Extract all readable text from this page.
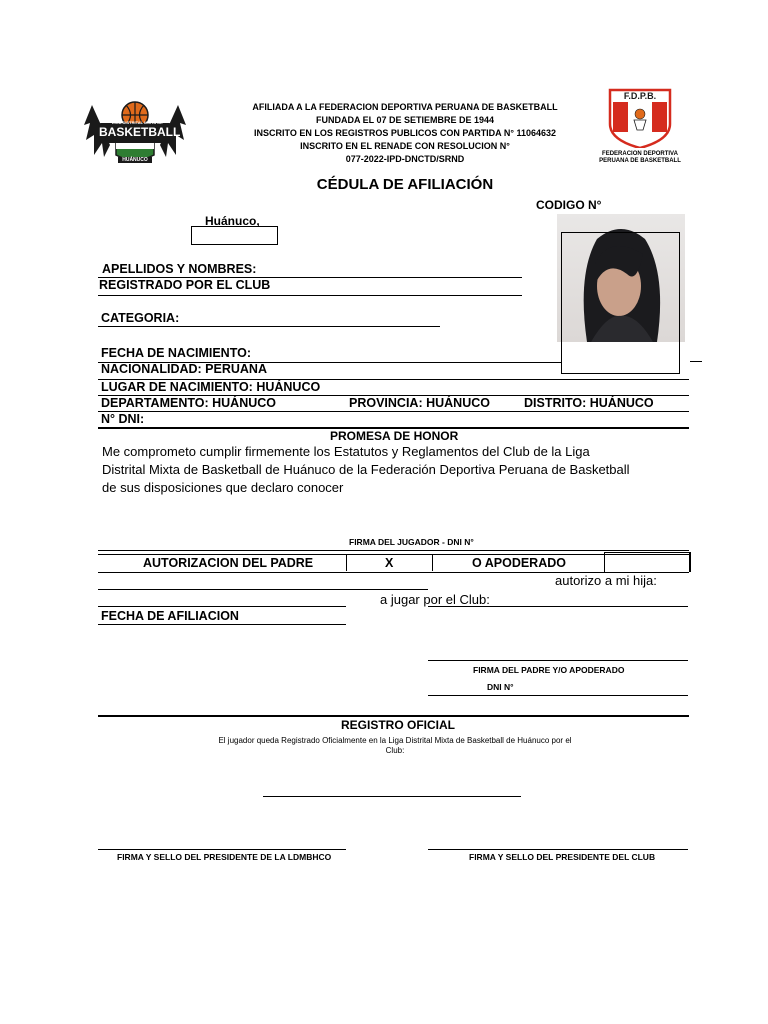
LIGA DISTRITAL MIXTA DE
BASKETBALL
HUÁNUCO
AFILIADA A LA FEDERACION DEPORTIVA PERUANA DE BASKETBALL
FUNDADA EL 07 DE SETIEMBRE DE 1944
INSCRITO EN LOS REGISTROS PUBLICOS CON PARTIDA N° 11064632
INSCRITO EN EL RENADE CON RESOLUCION N°
077-2022-IPD-DNCTD/SRND
F.D.P.B.
FEDERACION DEPORTIVA
PERUANA DE BASKETBALL
CÉDULA DE AFILIACIÓN
CODIGO N°
Huánuco,
APELLIDOS Y NOMBRES:
REGISTRADO POR EL CLUB
CATEGORIA:
FECHA DE NACIMIENTO:
NACIONALIDAD: PERUANA
LUGAR DE NACIMIENTO: HUÁNUCO
DEPARTAMENTO: HUÁNUCO	PROVINCIA: HUÁNUCO	DISTRITO: HUÁNUCO
N° DNI:
PROMESA DE HONOR
Me comprometo cumplir firmemente los Estatutos y Reglamentos del Club de la Liga
Distrital Mixta de Basketball de Huánuco de la Federación Deportiva Peruana de Basketball
de sus disposiciones que declaro conocer
FIRMA DEL JUGADOR - DNI N°
AUTORIZACION DEL PADRE	X	O APODERADO
autorizo a mi hija:
a jugar por el Club:
FECHA DE AFILIACION
FIRMA DEL PADRE Y/O APODERADO
DNI N°
REGISTRO OFICIAL
El jugador queda Registrado Oficialmente en la Liga Distrital Mixta de Basketball de Huánuco por el
Club:
FIRMA Y SELLO DEL PRESIDENTE DE LA LDMBHCO	FIRMA Y SELLO DEL PRESIDENTE DEL CLUB
